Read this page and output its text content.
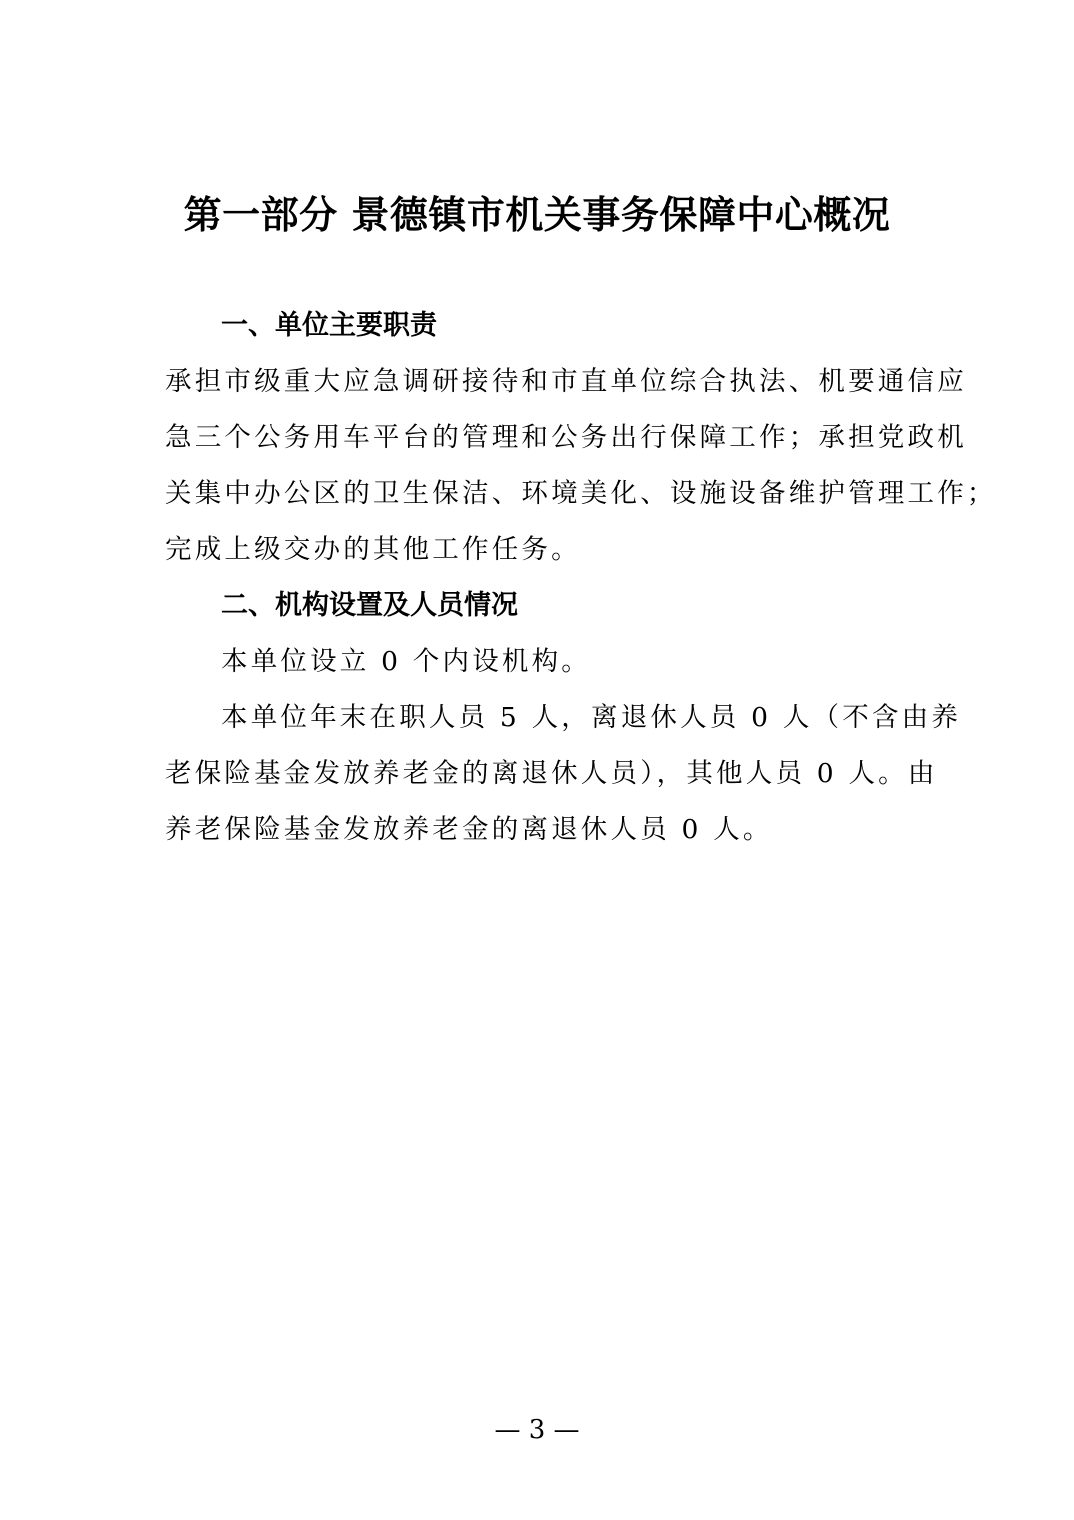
第一部分 景德镇市机关事务保障中心概况
一、单位主要职责
承担市级重大应急调研接待和市直单位综合执法、机要通信应
急三个公务用车平台的管理和公务出行保障工作；承担党政机
关集中办公区的卫生保洁、环境美化、设施设备维护管理工作；
完成上级交办的其他工作任务。
二、机构设置及人员情况
本单位设立 0 个内设机构。
本单位年末在职人员 5 人，离退休人员 0 人（不含由养
老保险基金发放养老金的离退休人员），其他人员 0 人。由
养老保险基金发放养老金的离退休人员 0 人。
— 3 —
